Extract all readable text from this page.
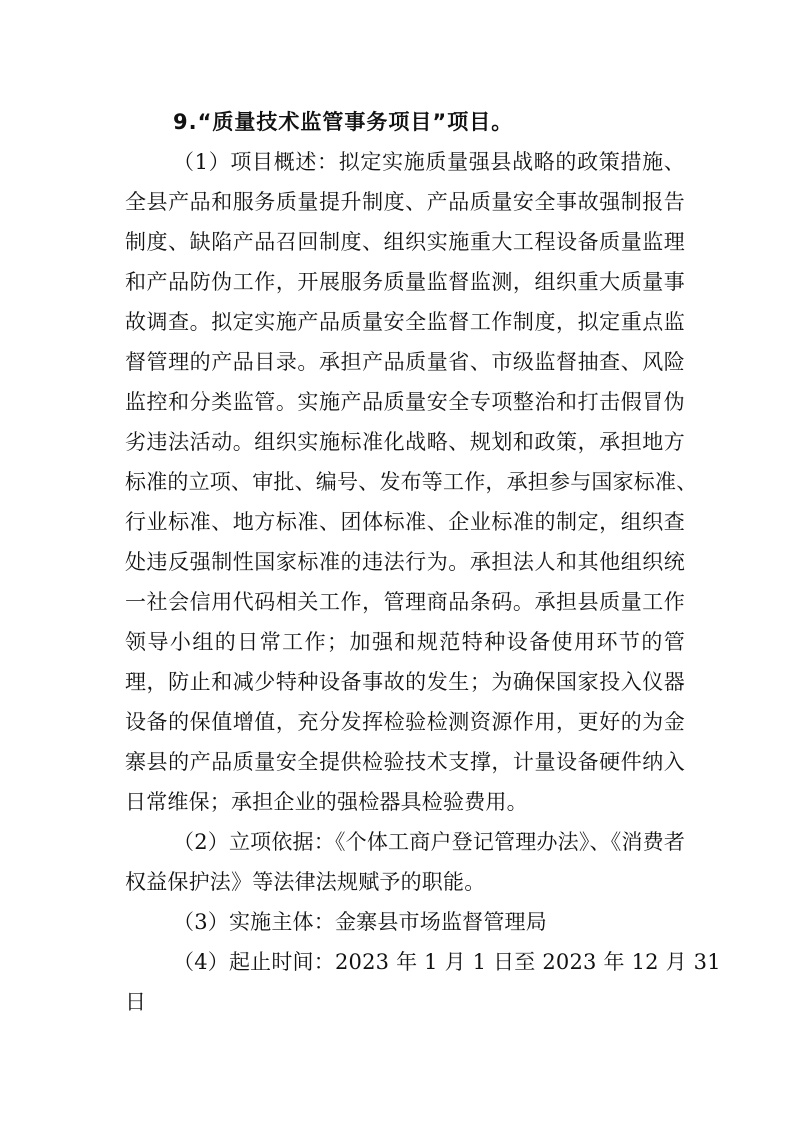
9.“质量技术监管事务项目”项目。
（1）项目概述：拟定实施质量强县战略的政策措施、
全县产品和服务质量提升制度、产品质量安全事故强制报告
制度、缺陷产品召回制度、组织实施重大工程设备质量监理
和产品防伪工作，开展服务质量监督监测，组织重大质量事
故调查。拟定实施产品质量安全监督工作制度，拟定重点监
督管理的产品目录。承担产品质量省、市级监督抽查、风险
监控和分类监管。实施产品质量安全专项整治和打击假冒伪
劣违法活动。组织实施标准化战略、规划和政策，承担地方
标准的立项、审批、编号、发布等工作，承担参与国家标准、
行业标准、地方标准、团体标准、企业标准的制定，组织查
处违反强制性国家标准的违法行为。承担法人和其他组织统
一社会信用代码相关工作，管理商品条码。承担县质量工作
领导小组的日常工作；加强和规范特种设备使用环节的管
理，防止和减少特种设备事故的发生；为确保国家投入仪器
设备的保值增值，充分发挥检验检测资源作用，更好的为金
寨县的产品质量安全提供检验技术支撑，计量设备硬件纳入
日常维保；承担企业的强检器具检验费用。
（2）立项依据：《个体工商户登记管理办法》、《消费者
权益保护法》等法律法规赋予的职能。
（3）实施主体：金寨县市场监督管理局
（4）起止时间：2023 年 1 月 1 日至 2023 年 12 月 31
日
